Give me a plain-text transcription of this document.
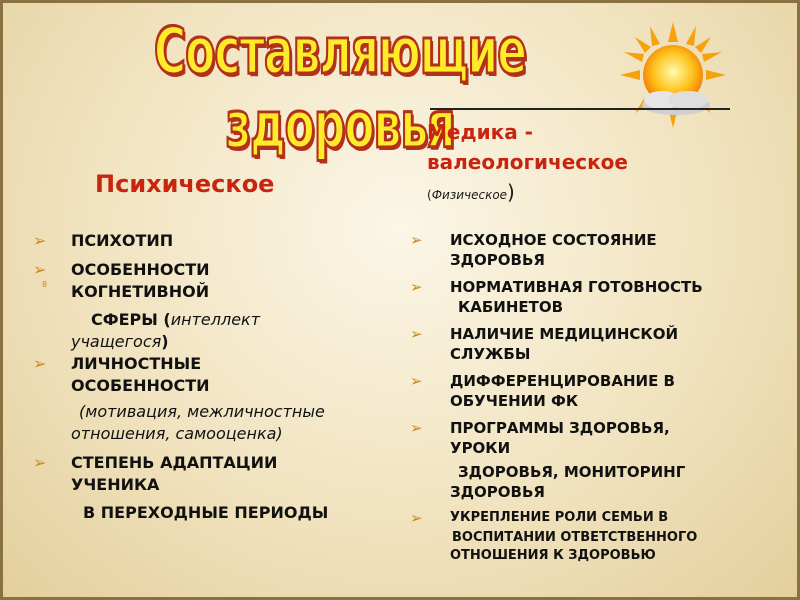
Составляющие здоровья
Психическое
Медика -
валеологическое
(Физическое)
8
➢ ПСИХОТИП
➢ ОСОБЕННОСТИ
КОГНЕТИВНОЙ
СФЕРЫ (интеллект
учащегося)
➢ ЛИЧНОСТНЫЕ
ОСОБЕННОСТИ
(мотивация, межличностные
отношения, самооценка)
➢ СТЕПЕНЬ АДАПТАЦИИ
УЧЕНИКА
В ПЕРЕХОДНЫЕ ПЕРИОДЫ
➢ ИСХОДНОЕ СОСТОЯНИЕ
ЗДОРОВЬЯ
➢ НОРМАТИВНАЯ ГОТОВНОСТЬ
КАБИНЕТОВ
➢ НАЛИЧИЕ МЕДИЦИНСКОЙ
СЛУЖБЫ
➢ ДИФФЕРЕНЦИРОВАНИЕ В
ОБУЧЕНИИ ФК
➢ ПРОГРАММЫ ЗДОРОВЬЯ,
УРОКИ
ЗДОРОВЬЯ, МОНИТОРИНГ
ЗДОРОВЬЯ
➢ УКРЕПЛЕНИЕ РОЛИ СЕМЬИ В
ВОСПИТАНИИ ОТВЕТСТВЕННОГО
ОТНОШЕНИЯ К ЗДОРОВЬЮ
